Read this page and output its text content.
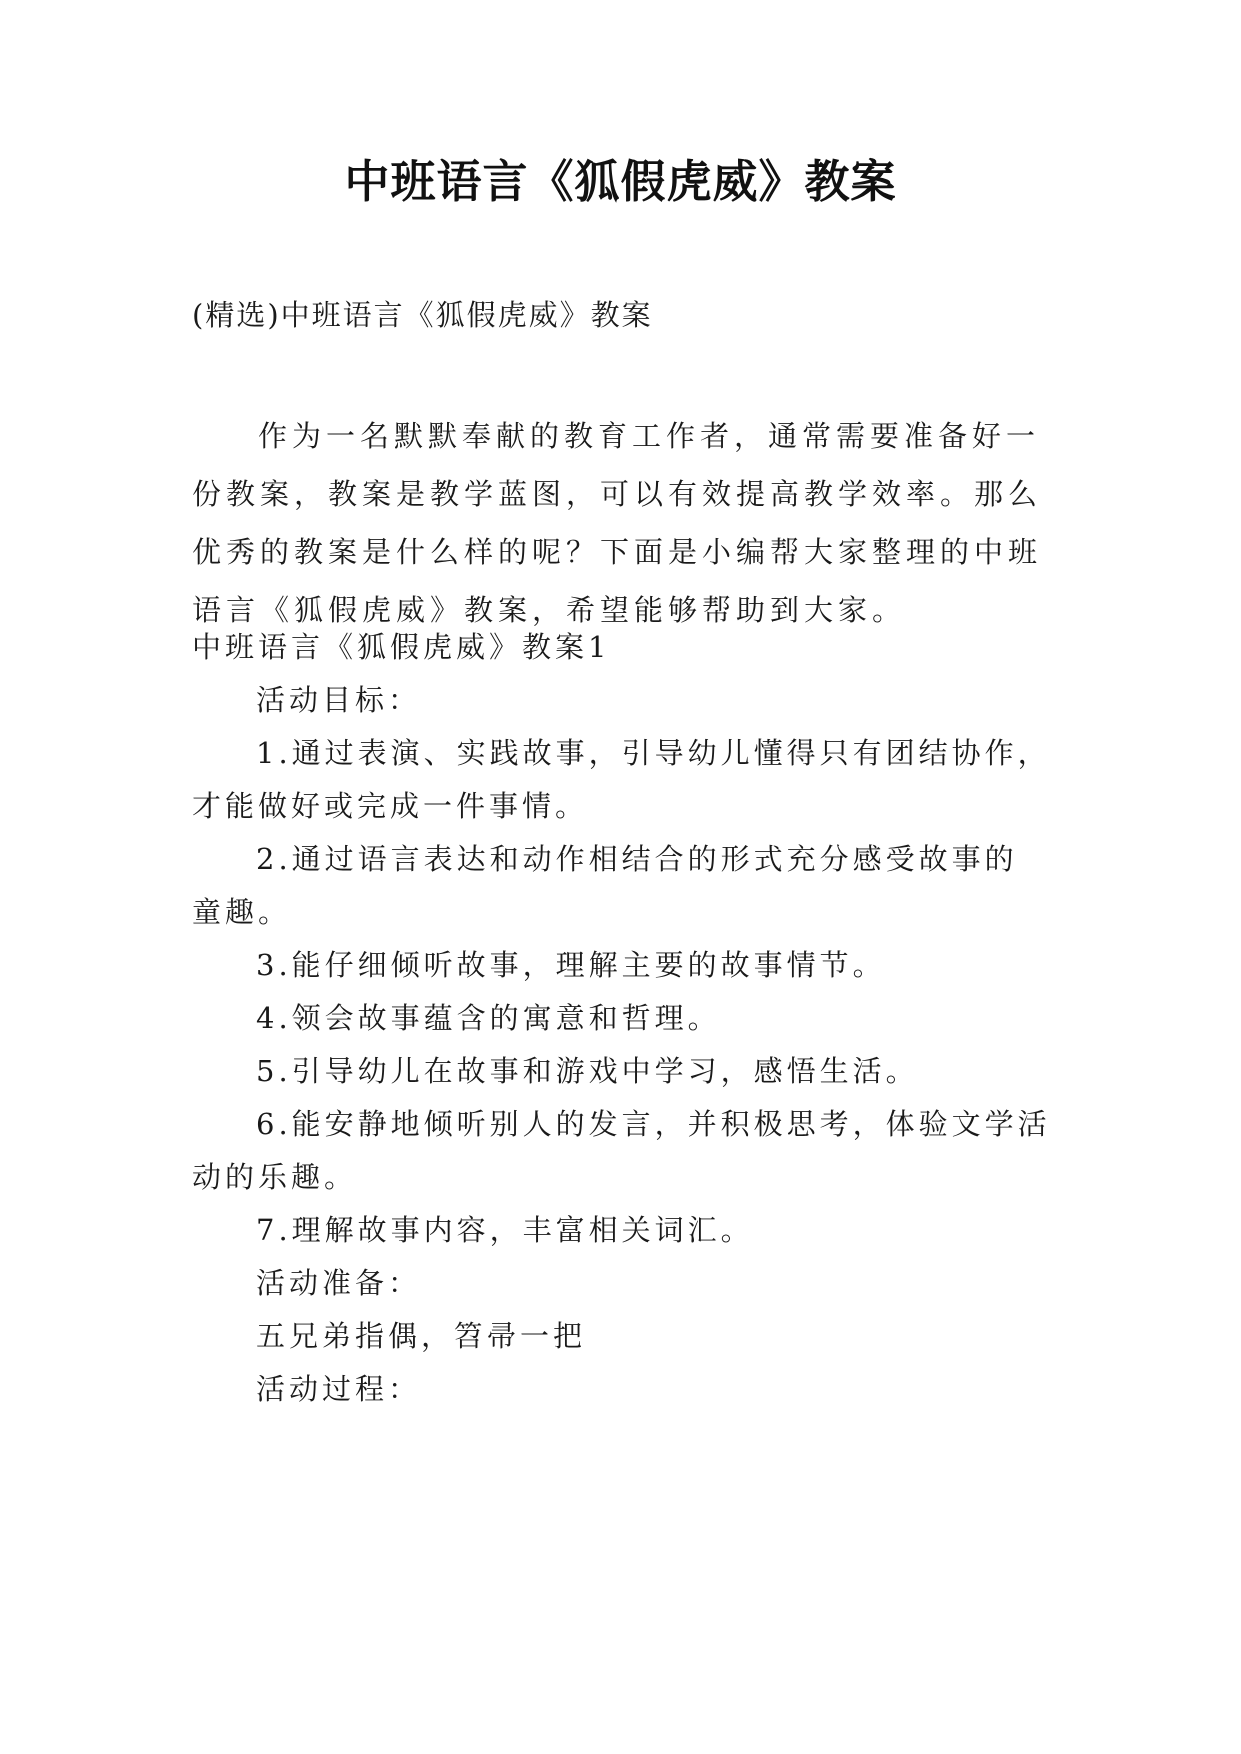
中班语言《狐假虎威》教案
(精选)中班语言《狐假虎威》教案

作为一名默默奉献的教育工作者，通常需要准备好一份教案，教案是教学蓝图，可以有效提高教学效率。那么优秀的教案是什么样的呢？下面是小编帮大家整理的中班语言《狐假虎威》教案，希望能够帮助到大家。

中班语言《狐假虎威》教案1
活动目标：
1.通过表演、实践故事，引导幼儿懂得只有团结协作，
才能做好或完成一件事情。
2.通过语言表达和动作相结合的形式充分感受故事的
童趣。
3.能仔细倾听故事，理解主要的故事情节。
4.领会故事蕴含的寓意和哲理。
5.引导幼儿在故事和游戏中学习，感悟生活。
6.能安静地倾听别人的发言，并积极思考，体验文学活
动的乐趣。
7.理解故事内容，丰富相关词汇。
活动准备：
五兄弟指偶，笤帚一把
活动过程：
